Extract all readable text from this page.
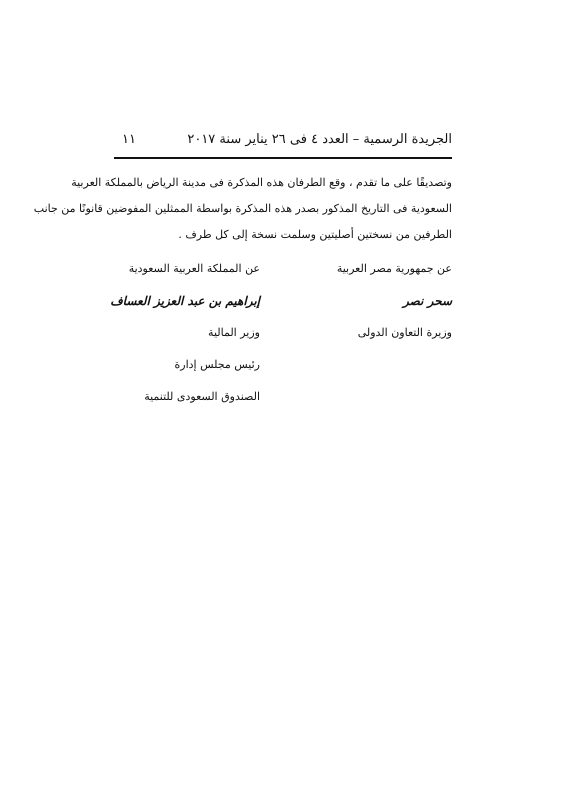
الجريدة الرسمية – العدد ٤ فى ٢٦ يناير سنة ٢٠١٧
١١

وتصديقًا على ما تقدم ، وقع الطرفان هذه المذكرة فى مدينة الرياض بالمملكة العربية

السعودية فى التاريخ المذكور بصدر هذه المذكرة بواسطة الممثلين المفوضين قانونًا من جانب

الطرفين من نسختين أصليتين وسلمت نسخة إلى كل طرف .

عن جمهورية مصر العربية
سحر نصر
وزيرة التعاون الدولى
عن المملكة العربية السعودية
إبراهيم بن عبد العزيز العساف
وزير المالية
رئيس مجلس إدارة
الصندوق السعودى للتنمية
